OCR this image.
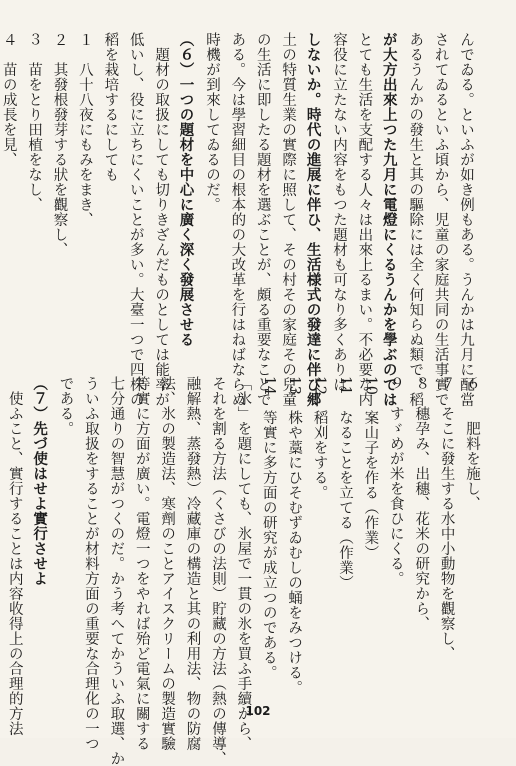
んでゐる。といふが如き例もある。うんかは九月に配當
されてゐるといふ頃から、児童の家庭共同の生活事實で
あるうんかの發生と其の驅除には全く何知らぬ類で、稻
が大方出來上つた九月に電燈にくるうんかを學ぶのでは
とても生活を支配する人々は出來上るまい。不必要な内
容役に立たない内容をもつた題材も可なり多くありは
しないか。時代の進展に伴ひ、生活様式の發達に伴び郷
土の特質生業の實際に照して、その村その家庭その兒童
の生活に即したる題材を選ぶことが、頗る重要なことで
ある。今は學習細目の根本的の大改革を行はねばならぬ
時機が到來してゐるのだ。
（６）一つの題材を中心に廣く深く發展させる
　題材の取扱にしても切りきざんだものとしては能率が
低いし、役に立ちにくいことが多い。大臺一つで四株の
稻を栽培するにしても
１　八十八夜にもみをまき、
２　其發根發芽する狀を觀察し、
３　苗をとり田植をなし、
４　苗の成長を見、
６　　肥料を施し、
７　そこに發生する水中小動物を觀察し、
８　穗孕み、出穗、花米の研究から、
９　すゞめが米を食ひにくる。
10　案山子を作る（作業）
11　なることを立てる（作業）
12　稻刈をする。
13　株や藁にひそむずゐむしの蛹をみつける。
14　等實に多方面の研究が成立つのである。
「氷」を題にしても、氷屋で一貫の氷を買ふ手續から、
それを割る方法（くさびの法則）貯藏の方法（熱の傳導、
融解熱、蒸發熱）冷藏庫の構造と其の利用法、物の防腐
法、氷の製造法、寒劑のことアイスクリームの製造實驗
等實に方面が廣い。電燈一つをやれば殆ど電氣に關する
七分通りの智慧がつくのだ。かう考へてかういふ取選、か
ういふ取扱をすることが材料方面の重要な合理化の一つ
である。
（７）先づ使はせよ實行させよ
　使ふこと、實行することは内容收得上の合理的方法	102
